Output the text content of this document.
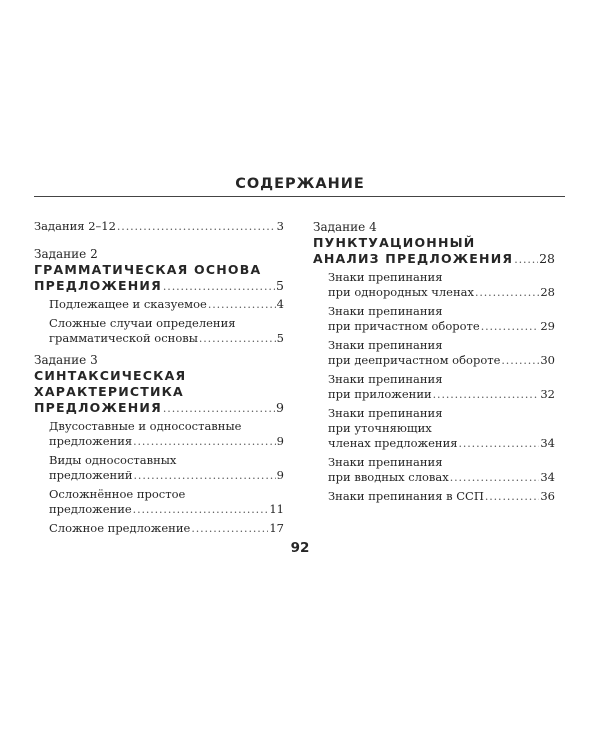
СОДЕРЖАНИЕ
Задания 2–12 . . .	3
Задание 2
ГРАММАТИЧЕСКАЯ ОСНОВА
ПРЕДЛОЖЕНИЯ . . .	5
Подлежащее и сказуемое . . .	4
Сложные случаи определения
грамматической основы . . .	5
Задание 3
СИНТАКСИЧЕСКАЯ
ХАРАКТЕРИСТИКА
ПРЕДЛОЖЕНИЯ . . .	9
Двусоставные и односоставные
предложения . . .	9
Виды односоставных
предложений . . .	9
Осложнённое простое
предложение . . .	11
Сложное предложение . . .	17
Задание 4
ПУНКТУАЦИОННЫЙ
АНАЛИЗ ПРЕДЛОЖЕНИЯ . . . 28
Знаки препинания
при однородных членах . . .	28
Знаки препинания
при причастном обороте . . .	29
Знаки препинания
при деепричастном обороте . . .	30
Знаки препинания
при приложении . . .	32
Знаки препинания
при уточняющих
членах предложения . . .	34
Знаки препинания
при вводных словах . . .	34
Знаки препинания в ССП . . .	36
92
